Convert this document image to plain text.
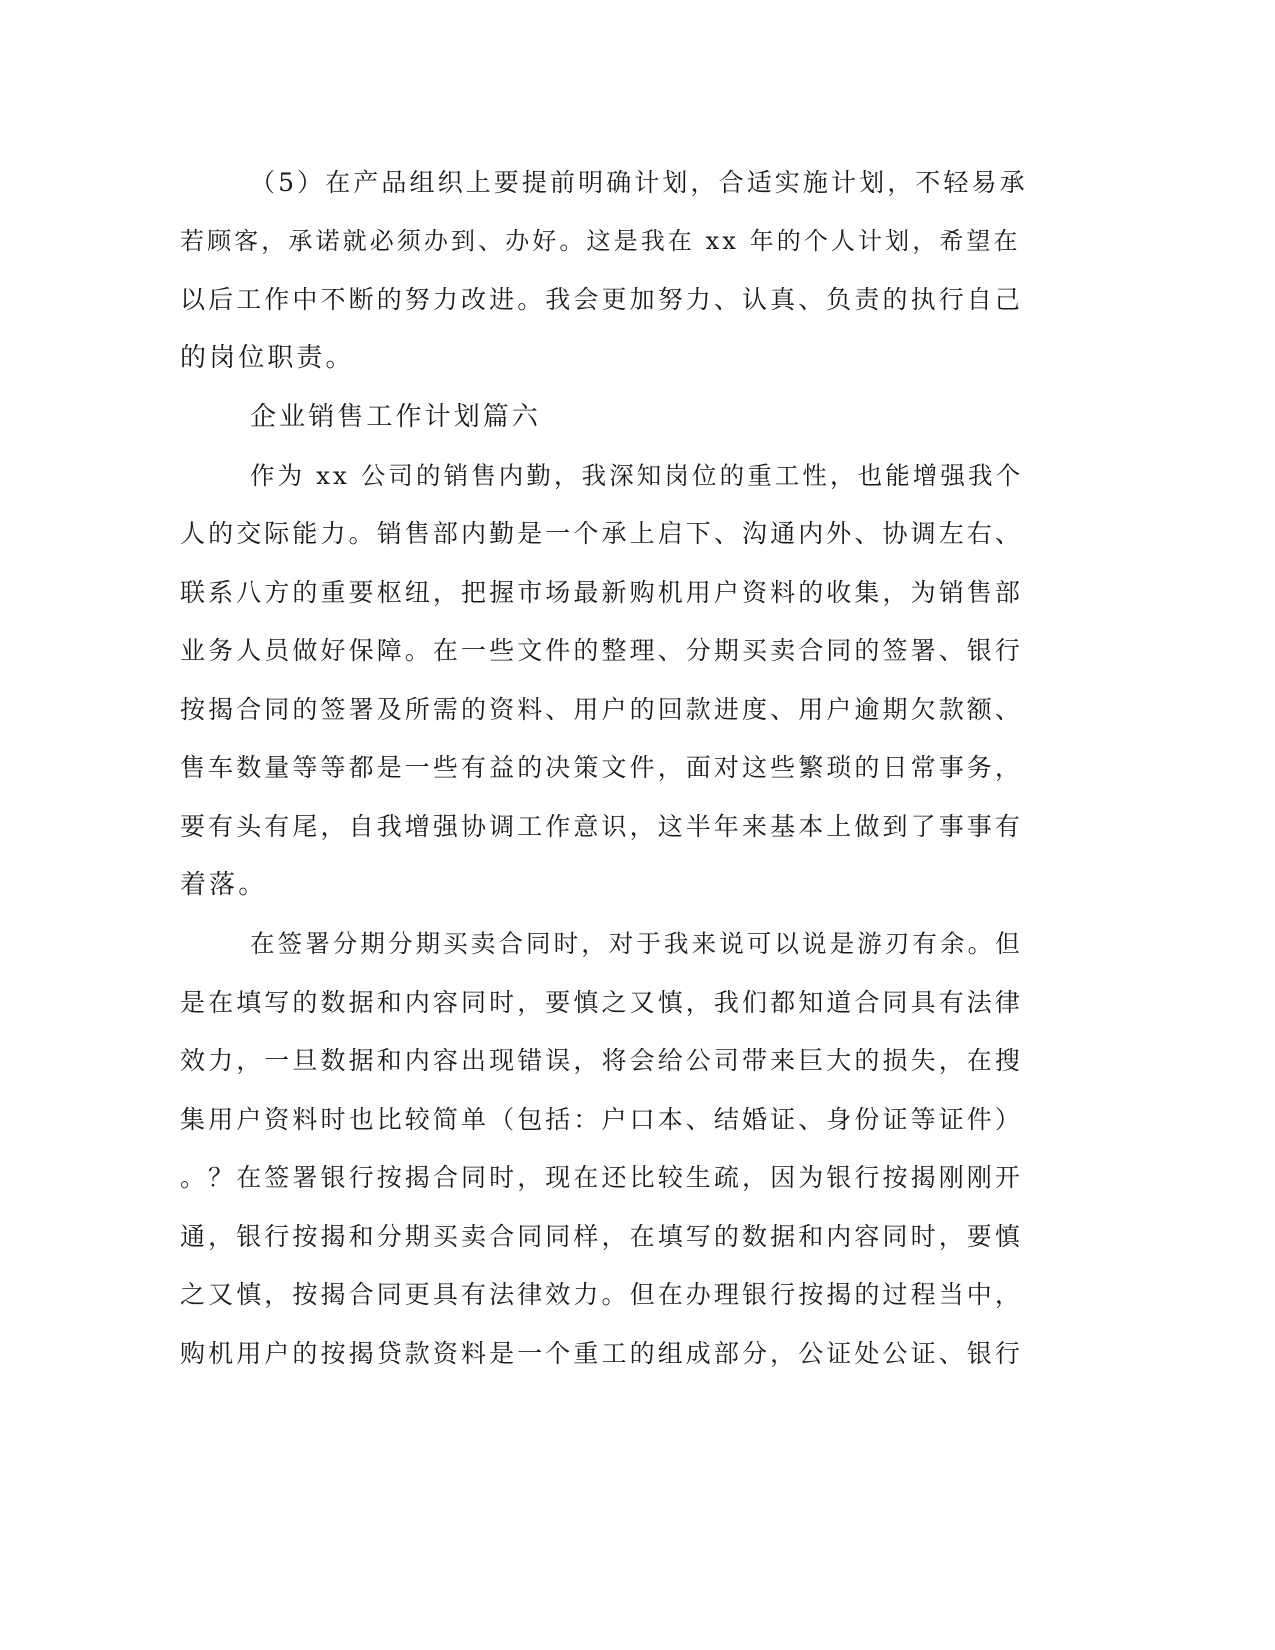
（5）在产品组织上要提前明确计划，合适实施计划，不轻易承
若顾客，承诺就必须办到、办好。这是我在 xx 年的个人计划，希望在
以后工作中不断的努力改进。我会更加努力、认真、负责的执行自己
的岗位职责。
企业销售工作计划篇六
作为 xx 公司的销售内勤，我深知岗位的重工性，也能增强我个
人的交际能力。销售部内勤是一个承上启下、沟通内外、协调左右、
联系八方的重要枢纽，把握市场最新购机用户资料的收集，为销售部
业务人员做好保障。在一些文件的整理、分期买卖合同的签署、银行
按揭合同的签署及所需的资料、用户的回款进度、用户逾期欠款额、
售车数量等等都是一些有益的决策文件，面对这些繁琐的日常事务，
要有头有尾，自我增强协调工作意识，这半年来基本上做到了事事有
着落。
在签署分期分期买卖合同时，对于我来说可以说是游刃有余。但
是在填写的数据和内容同时，要慎之又慎，我们都知道合同具有法律
效力，一旦数据和内容出现错误，将会给公司带来巨大的损失，在搜
集用户资料时也比较简单（包括：户口本、结婚证、身份证等证件）
。？在签署银行按揭合同时，现在还比较生疏，因为银行按揭刚刚开
通，银行按揭和分期买卖合同同样，在填写的数据和内容同时，要慎
之又慎，按揭合同更具有法律效力。但在办理银行按揭的过程当中，
购机用户的按揭贷款资料是一个重工的组成部分，公证处公证、银行
